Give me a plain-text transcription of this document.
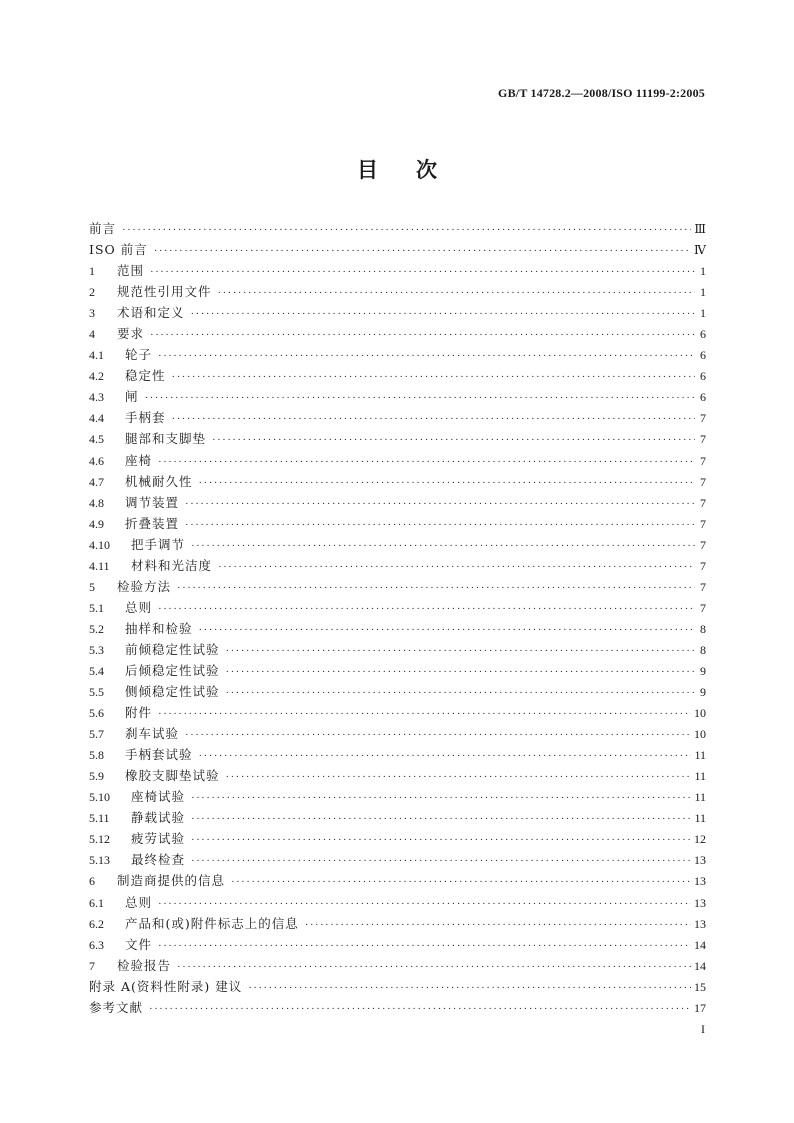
GB/T 14728.2—2008/ISO 11199-2:2005
目次
前言 ·····	Ⅲ
ISO 前言 ·····	Ⅳ
1	范围 ·····	1
2	规范性引用文件 ·····	1
3	术语和定义 ·····	1
4	要求 ·····	6
4.1	轮子 ·····	6
4.2	稳定性 ·····	6
4.3	闸 ·····	6
4.4	手柄套 ·····	7
4.5	腿部和支脚垫 ·····	7
4.6	座椅 ·····	7
4.7	机械耐久性 ·····	7
4.8	调节装置 ·····	7
4.9	折叠装置 ·····	7
4.10	把手调节 ·····	7
4.11	材料和光洁度 ·····	7
5	检验方法 ·····	7
5.1	总则 ·····	7
5.2	抽样和检验 ·····	8
5.3	前倾稳定性试验 ·····	8
5.4	后倾稳定性试验 ·····	9
5.5	侧倾稳定性试验 ·····	9
5.6	附件 ·····	10
5.7	刹车试验 ·····	10
5.8	手柄套试验 ·····	11
5.9	橡胶支脚垫试验 ·····	11
5.10	座椅试验 ·····	11
5.11	静载试验 ·····	11
5.12	疲劳试验 ·····	12
5.13	最终检查 ·····	13
6	制造商提供的信息 ·····	13
6.1	总则 ·····	13
6.2	产品和(或)附件标志上的信息 ·····	13
6.3	文件 ·····	14
7	检验报告 ·····	14
附录 A(资料性附录) 建议 ·····	15
参考文献 ·····	17
I
